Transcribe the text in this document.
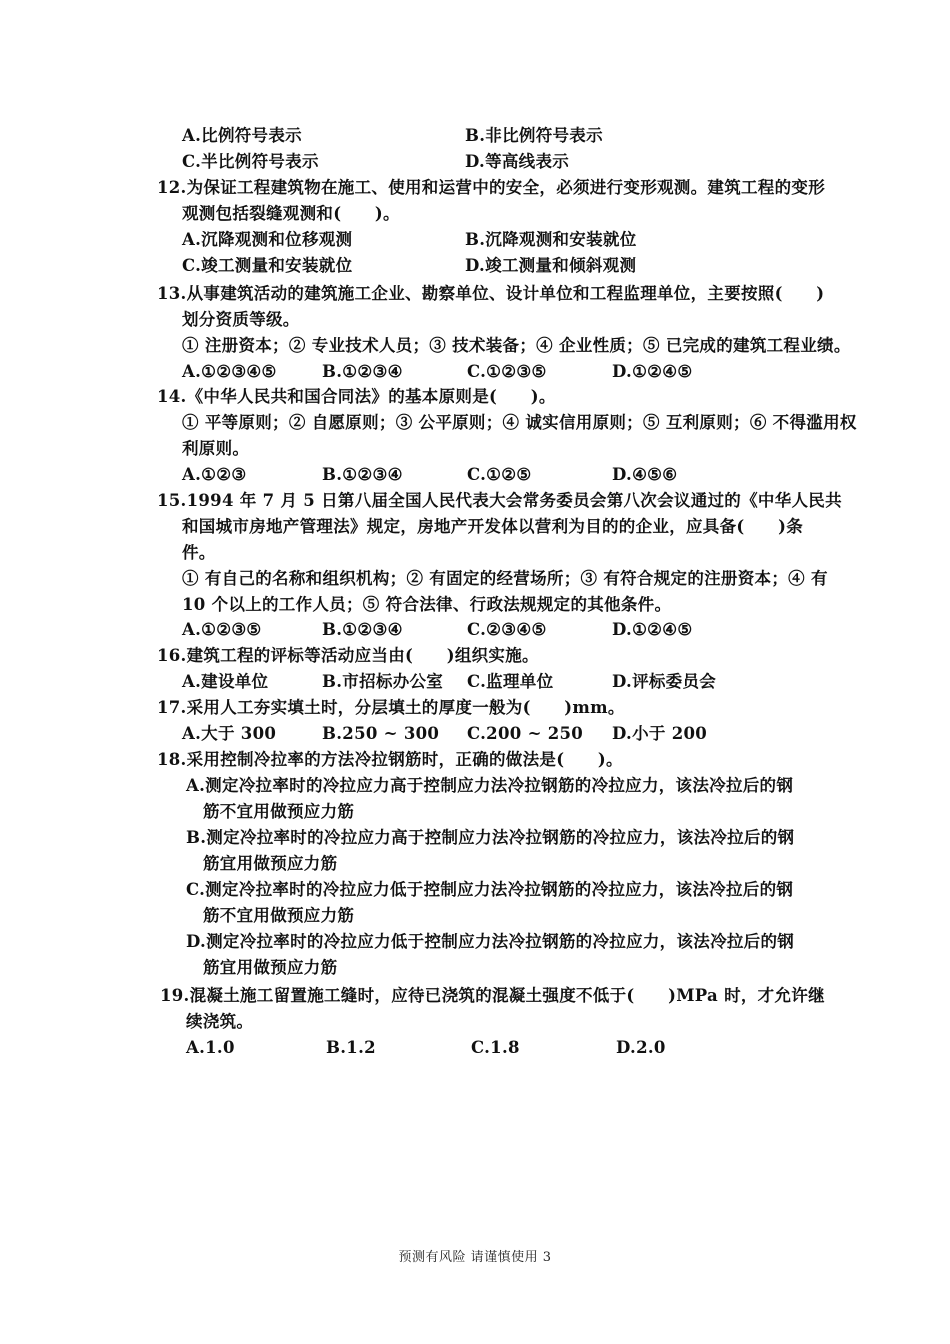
A.比例符号表示	B.非比例符号表示
C.半比例符号表示	D.等高线表示
12.为保证工程建筑物在施工、使用和运营中的安全，必须进行变形观测。建筑工程的变形
观测包括裂缝观测和(　　)。
A.沉降观测和位移观测	B.沉降观测和安装就位
C.竣工测量和安装就位	D.竣工测量和倾斜观测
13.从事建筑活动的建筑施工企业、勘察单位、设计单位和工程监理单位，主要按照(　　)
划分资质等级。
① 注册资本；② 专业技术人员；③ 技术装备；④ 企业性质；⑤ 已完成的建筑工程业绩。
A.①②③④⑤	B.①②③④	C.①②③⑤	D.①②④⑤
14.《中华人民共和国合同法》的基本原则是(　　)。
① 平等原则；② 自愿原则；③ 公平原则；④ 诚实信用原则；⑤ 互利原则；⑥ 不得滥用权
利原则。
A.①②③	B.①②③④	C.①②⑤	D.④⑤⑥
15.1994 年 7 月 5 日第八届全国人民代表大会常务委员会第八次会议通过的《中华人民共
和国城市房地产管理法》规定，房地产开发体以营利为目的的企业，应具备(　　)条
件。
① 有自己的名称和组织机构；② 有固定的经营场所；③ 有符合规定的注册资本；④ 有
10 个以上的工作人员；⑤ 符合法律、行政法规规定的其他条件。
A.①②③⑤	B.①②③④	C.②③④⑤	D.①②④⑤
16.建筑工程的评标等活动应当由(　　)组织实施。
A.建设单位	B.市招标办公室 C.监理单位	D.评标委员会
17.采用人工夯实填土时，分层填土的厚度一般为(　　)mm。
A.大于 300	B.250 ~ 300 C.200 ~ 250 D.小于 200
18.采用控制冷拉率的方法冷拉钢筋时，正确的做法是(　　)。
A.测定冷拉率时的冷拉应力高于控制应力法冷拉钢筋的冷拉应力，该法冷拉后的钢
筋不宜用做预应力筋
B.测定冷拉率时的冷拉应力高于控制应力法冷拉钢筋的冷拉应力，该法冷拉后的钢
筋宜用做预应力筋
C.测定冷拉率时的冷拉应力低于控制应力法冷拉钢筋的冷拉应力，该法冷拉后的钢
筋不宜用做预应力筋
D.测定冷拉率时的冷拉应力低于控制应力法冷拉钢筋的冷拉应力，该法冷拉后的钢
筋宜用做预应力筋
19.混凝土施工留置施工缝时，应待已浇筑的混凝土强度不低于(　　)MPa 时，才允许继
续浇筑。
A.1.0	B.1.2	C.1.8	D.2.0
预测有风险 请谨慎使用 3
